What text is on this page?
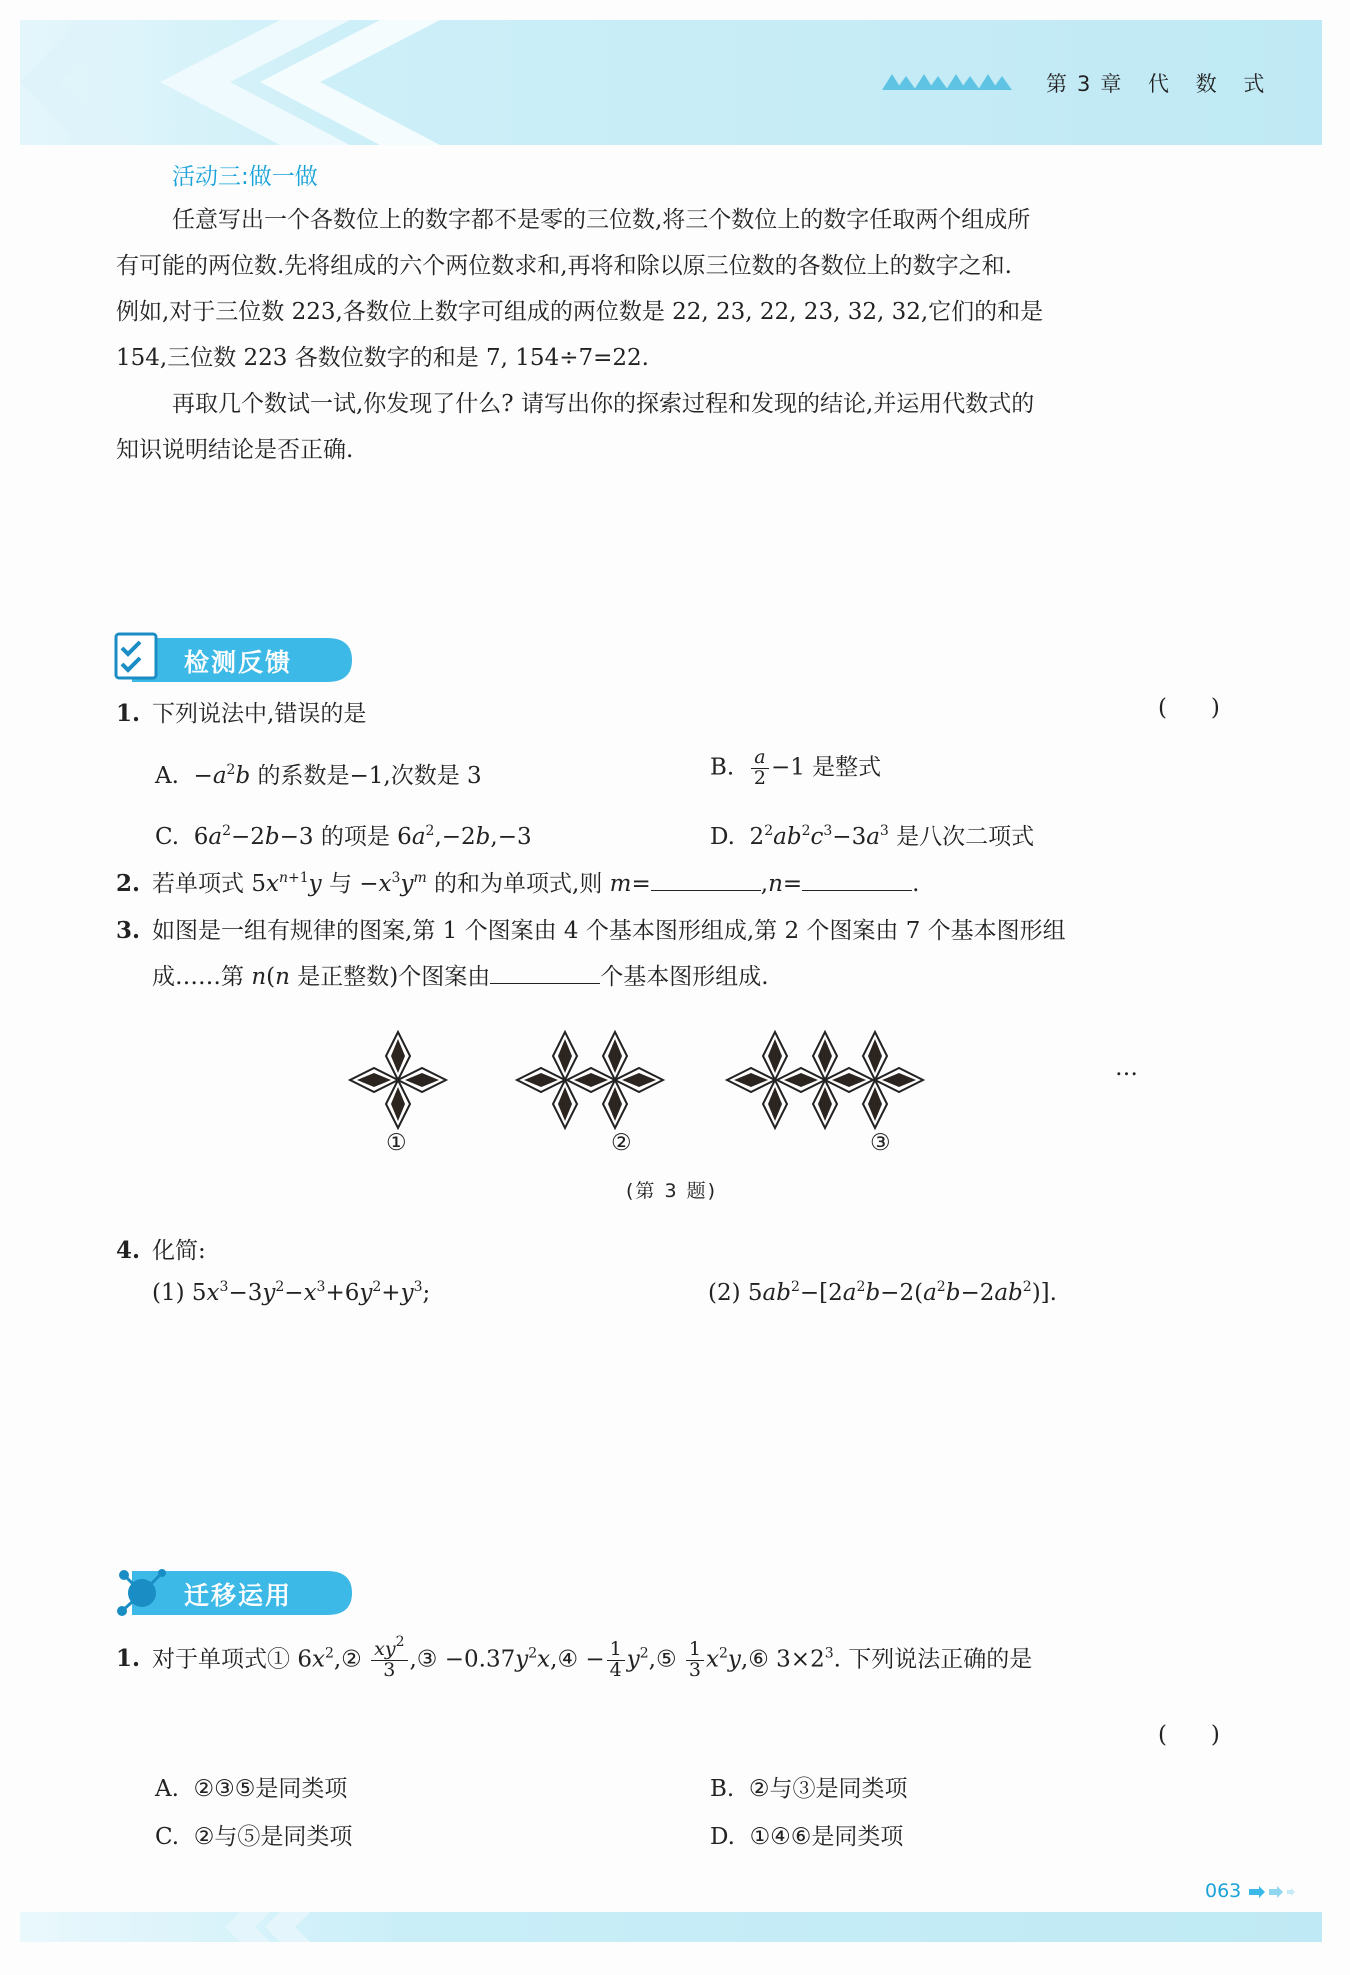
第3章 代 数 式
活动三:做一做
任意写出一个各数位上的数字都不是零的三位数,将三个数位上的数字任取两个组成所
有可能的两位数.先将组成的六个两位数求和,再将和除以原三位数的各数位上的数字之和.
例如,对于三位数 223,各数位上数字可组成的两位数是 22, 23, 22, 23, 32, 32,它们的和是
154,三位数 223 各数位数字的和是 7, 154÷7=22.
再取几个数试一试,你发现了什么? 请写出你的探索过程和发现的结论,并运用代数式的
知识说明结论是否正确.
检测反馈
1. 下列说法中,错误的是	(      )
A.  $-a^2b$ 的系数是−1,次数是 3	B. $\frac{a}{2} -1$ 是整式
C.  $6a^2-2b-3$ 的项是 $6a^2,-2b,-3$	D.  $2^2ab^2c^3-3a^3$ 是八次二项式
2. 若单项式 $5x^{n+1}y$ 与 $-x^3y^m$ 的和为单项式,则 m=	,n=	.
3. 如图是一组有规律的图案,第 1 个图案由 4 个基本图形组成,第 2 个图案由 7 个基本图形组
成……第 n(n 是正整数)个图案由	个基本图形组成.
…
①	②	③
(第 3 题)
4. 化简:
(1) $5x^3-3y^2-x^3+6y^2+y^3$;	(2) $5ab^2-[2a^2b-2(a^2b-2ab^2)]$.
迁移运用
1. 对于单项式① $6x^2,② \frac{xy^2}{3}$ ,③ $-0.37y^2x,④ - \frac{1}{4}$ $y^2,⑤ \frac{1}{3}$ $x^2y,⑥$ $3\times 2^3$. 下列说法正确的是
(      )
A. ②③⑤是同类项	B. ②与③是同类项
C. ②与⑤是同类项	D. ①④⑥是同类项
063
